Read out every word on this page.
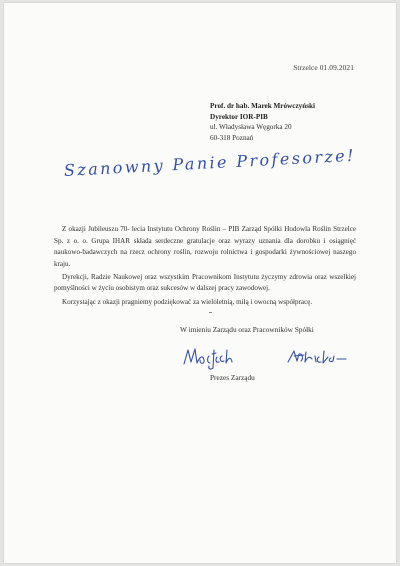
Strzelce 01.09.2021
Prof. dr hab. Marek Mrówczyński
Dyrektor IOR-PIB
ul. Władysława Węgorka 20
60-318 Poznań
Szanowny Panie Profesorze!

Z okazji Jubileuszu 70- lecia Instytutu Ochrony Roślin – PIB Zarząd Spółki Hodowla Roślin Strzelce Sp. z o. o. Grupa IHAR składa serdeczne gratulacje oraz wyrazy uznania dla dorobku i osiągnięć naukowo-badawczych na rzecz ochrony roślin, rozwoju rolnictwa i gospodarki żywnościowej naszego kraju.

Dyrekcji, Radzie Naukowej oraz wszystkim Pracownikom Instytutu życzymy zdrowia oraz wszelkiej pomyślności w życiu osobistym oraz sukcesów w dalszej pracy zawodowej.

Korzystając z okazji pragniemy podziękować za wieloletnią, miłą i owocną współpracę.

W imieniu Zarządu oraz Pracowników Spółki
Prezes Zarządu
